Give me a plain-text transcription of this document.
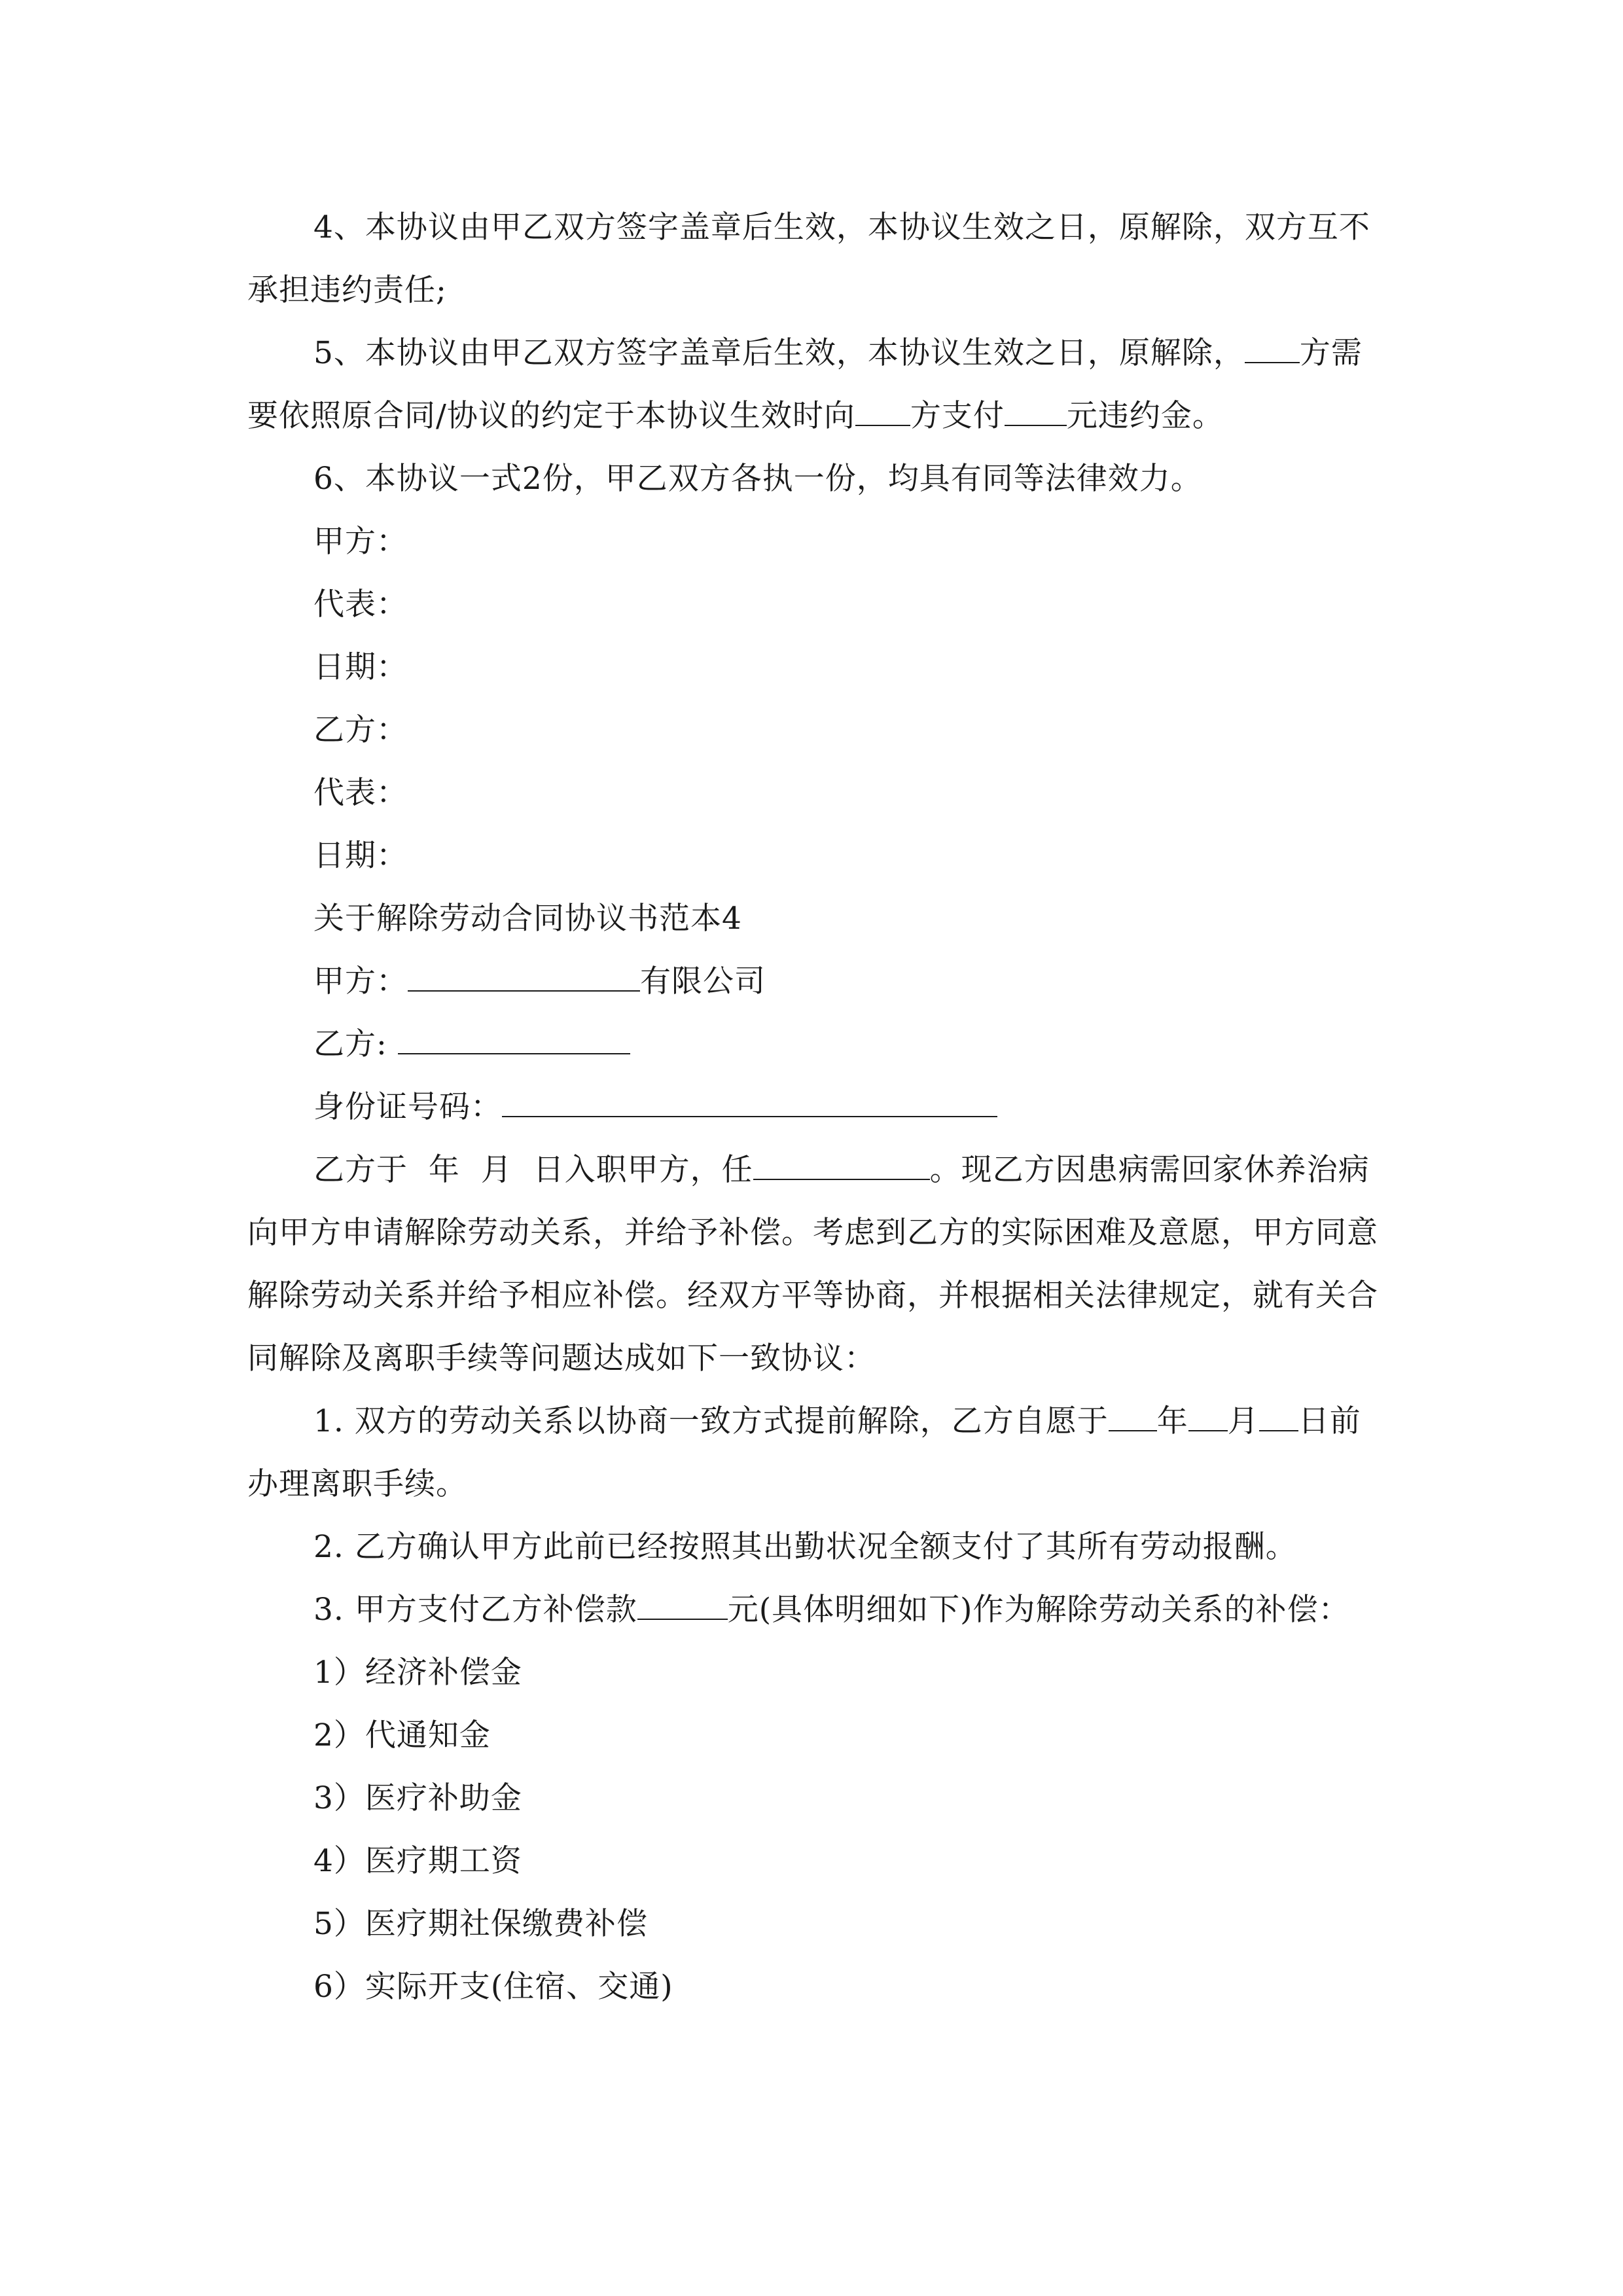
4、本协议由甲乙双方签字盖章后生效，本协议生效之日，原解除，双方互不承担违约责任;

5、本协议由甲乙双方签字盖章后生效，本协议生效之日，原解除， 方需要依照原合同/协议的约定于本协议生效时向 方支付 元违约金。

6、本协议一式2份，甲乙双方各执一份，均具有同等法律效力。

甲方：

代表：

日期：

乙方：

代表：

日期：

关于解除劳动合同协议书范本4

甲方：	有限公司

乙方:

身份证号码：

乙方于  年  月  日入职甲方，任	。现乙方因患病需回家休养治病向甲方申请解除劳动关系，并给予补偿。考虑到乙方的实际困难及意愿，甲方同意解除劳动关系并给予相应补偿。经双方平等协商，并根据相关法律规定，就有关合同解除及离职手续等问题达成如下一致协议：

1. 双方的劳动关系以协商一致方式提前解除，乙方自愿于 年 月 日前办理离职手续。

2. 乙方确认甲方此前已经按照其出勤状况全额支付了其所有劳动报酬。

3. 甲方支付乙方补偿款	元(具体明细如下)作为解除劳动关系的补偿：

1）经济补偿金

2）代通知金

3）医疗补助金

4）医疗期工资

5）医疗期社保缴费补偿

6）实际开支(住宿、交通)
